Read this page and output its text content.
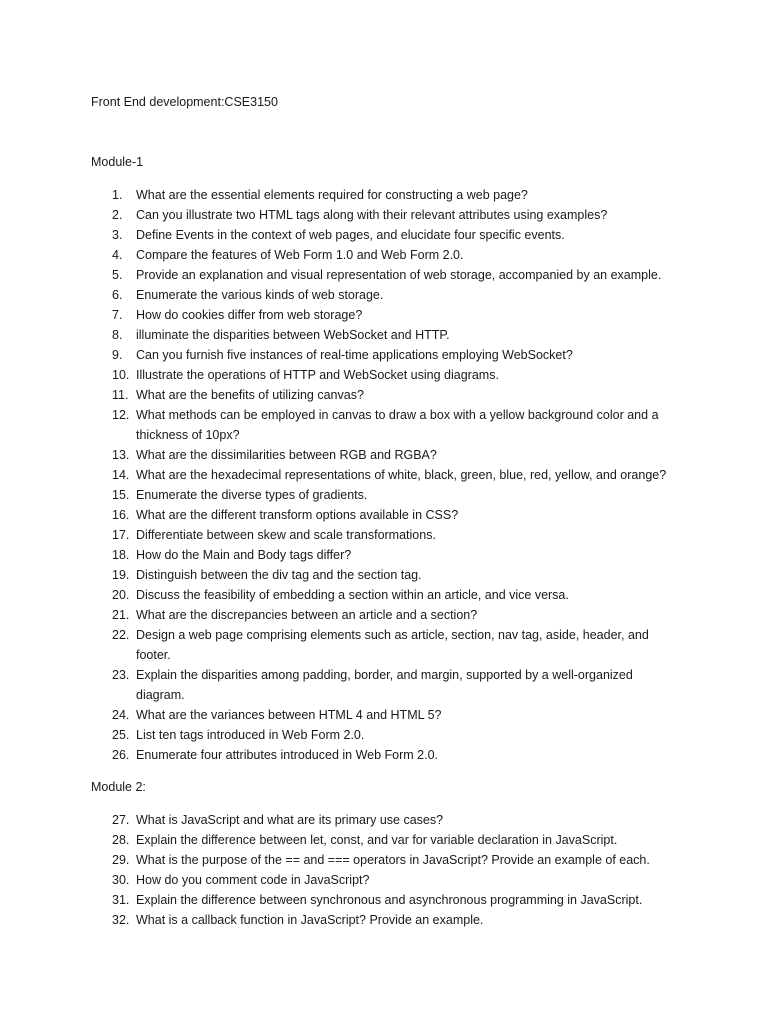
Front End development:CSE3150
Module-1
1.	What are the essential elements required for constructing a web page?
2.	Can you illustrate two HTML tags along with their relevant attributes using examples?
3.	Define Events in the context of web pages, and elucidate four specific events.
4.	Compare the features of Web Form 1.0 and Web Form 2.0.
5.	Provide an explanation and visual representation of web storage, accompanied by an example.
6.	Enumerate the various kinds of web storage.
7.	How do cookies differ from web storage?
8.	illuminate the disparities between WebSocket and HTTP.
9.	Can you furnish five instances of real-time applications employing WebSocket?
10. Illustrate the operations of HTTP and WebSocket using diagrams.
11. What are the benefits of utilizing canvas?
12. What methods can be employed in canvas to draw a box with a yellow background color and a thickness of 10px?
13. What are the dissimilarities between RGB and RGBA?
14. What are the hexadecimal representations of white, black, green, blue, red, yellow, and orange?
15. Enumerate the diverse types of gradients.
16. What are the different transform options available in CSS?
17. Differentiate between skew and scale transformations.
18. How do the Main and Body tags differ?
19. Distinguish between the div tag and the section tag.
20. Discuss the feasibility of embedding a section within an article, and vice versa.
21. What are the discrepancies between an article and a section?
22. Design a web page comprising elements such as article, section, nav tag, aside, header, and footer.
23. Explain the disparities among padding, border, and margin, supported by a well-organized diagram.
24. What are the variances between HTML 4 and HTML 5?
25. List ten tags introduced in Web Form 2.0.
26. Enumerate four attributes introduced in Web Form 2.0.
Module 2:
27. What is JavaScript and what are its primary use cases?
28. Explain the difference between let, const, and var for variable declaration in JavaScript.
29. What is the purpose of the == and === operators in JavaScript? Provide an example of each.
30. How do you comment code in JavaScript?
31. Explain the difference between synchronous and asynchronous programming in JavaScript.
32. What is a callback function in JavaScript? Provide an example.
